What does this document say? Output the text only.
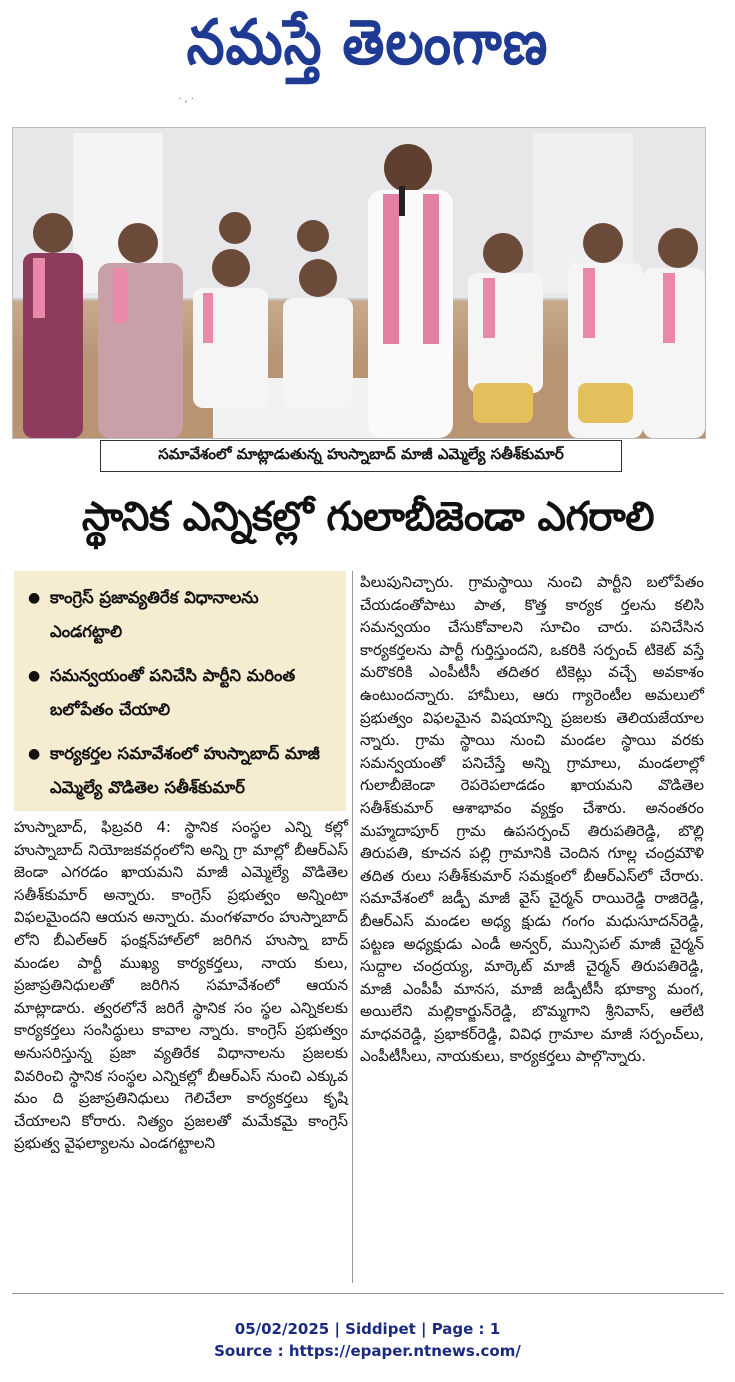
నమస్తే తెలంగాణ
· , ·
సమావేశంలో మాట్లాడుతున్న హుస్నాబాద్ మాజీ ఎమ్మెల్యే సతీశ్‌కుమార్
స్థానిక ఎన్నికల్లో గులాబీజెండా ఎగరాలి
● కాంగ్రెస్ ప్రజావ్యతిరేక విధానాలను ఎండగట్టాలి
● సమన్వయంతో పనిచేసి పార్టీని మరింత బలోపేతం చేయాలి
● కార్యకర్తల సమావేశంలో హుస్నాబాద్ మాజీ ఎమ్మెల్యే వొడితెల సతీశ్‌కుమార్

హుస్నాబాద్, ఫిబ్రవరి 4: స్థానిక సంస్థల ఎన్ని కల్లో హుస్నాబాద్ నియోజకవర్గంలోని అన్ని గ్రా మాల్లో బీఆర్ఎస్ జెండా ఎగరడం ఖాయమని మాజీ ఎమ్మెల్యే వొడితెల సతీశ్‌కుమార్ అన్నారు. కాంగ్రెస్ ప్రభుత్వం అన్నింటా విఫలమైందని ఆయన అన్నారు. మంగళవారం హుస్నాబాద్ లోని బీఎల్ఆర్ ఫంక్షన్‌హాల్‌లో జరిగిన హుస్నా బాద్ మండల పార్టీ ముఖ్య కార్యకర్తలు, నాయ కులు, ప్రజాప్రతినిధులతో జరిగిన సమావేశంలో ఆయన మాట్లాడారు. త్వరలోనే జరిగే స్థానిక సం స్థల ఎన్నికలకు కార్యకర్తలు సంసిద్ధులు కావాల న్నారు. కాంగ్రెస్ ప్రభుత్వం అనుసరిస్తున్న ప్రజా వ్యతిరేక విధానాలను ప్రజలకు వివరించి స్థానిక సంస్థల ఎన్నికల్లో బీఆర్ఎస్ నుంచి ఎక్కువ మం ది ప్రజాప్రతినిధులు గెలిచేలా కార్యకర్తలు కృషి చేయాలని కోరారు. నిత్యం ప్రజలతో మమేకమై కాంగ్రెస్ ప్రభుత్వ వైఫల్యాలను ఎండగట్టాలని

పిలుపునిచ్చారు. గ్రామస్థాయి నుంచి పార్టీని బలోపేతం చేయడంతోపాటు పాత, కొత్త కార్యక ర్తలను కలిసి సమన్వయం చేసుకోవాలని సూచిం చారు. పనిచేసిన కార్యకర్తలను పార్టీ గుర్తిస్తుందని, ఒకరికి సర్పంచ్ టికెట్ వస్తే మరొకరికి ఎంపీటీసీ తదితర టికెట్లు వచ్చే అవకాశం ఉంటుందన్నారు. హామీలు, ఆరు గ్యారెంటీల అమలులో ప్రభుత్వం విఫలమైన విషయాన్ని ప్రజలకు తెలియజేయాల న్నారు. గ్రామ స్థాయి నుంచి మండల స్థాయి వరకు సమన్వయంతో పనిచేస్తే అన్ని గ్రామాలు, మండలాల్లో గులాబీజెండా రెపరెపలాడడం ఖాయమని వొడితెల సతీశ్‌కుమార్ ఆశాభావం వ్యక్తం చేశారు. అనంతరం మహ్మదాపూర్ గ్రామ ఉపసర్పంచ్ తిరుపతిరెడ్డి, బొల్లి తిరుపతి, కూచన పల్లి గ్రామానికి చెందిన గూల్ల చంద్రమౌళి తదిత రులు సతీశ్‌కుమార్ సమక్షంలో బీఆర్ఎస్‌లో చేరారు. సమావేశంలో జడ్పీ మాజీ వైస్ చైర్మన్ రాయిరెడ్డి రాజిరెడ్డి, బీఆర్ఎస్ మండల అధ్య క్షుడు గంగం మధుసూదన్‌రెడ్డి, పట్టణ అధ్యక్షుడు ఎండీ అన్వర్, మున్సిపల్ మాజీ చైర్మన్ సుద్దాల చంద్రయ్య, మార్కెట్ మాజీ చైర్మన్ తిరుపతిరెడ్డి, మాజీ ఎంపీపీ మానస, మాజీ జడ్పీటీసీ భూక్యా మంగ, అయిలేని మల్లికార్జున్‌రెడ్డి, బొమ్మగాని శ్రీనివాస్, ఆలేటి మాధవరెడ్డి, ప్రభాకర్‌రెడ్డి, వివిధ గ్రామాల మాజీ సర్పంచ్‌లు, ఎంపీటీసీలు, నాయకులు, కార్యకర్తలు పాల్గొన్నారు.

05/02/2025 | Siddipet | Page : 1
Source : https://epaper.ntnews.com/
